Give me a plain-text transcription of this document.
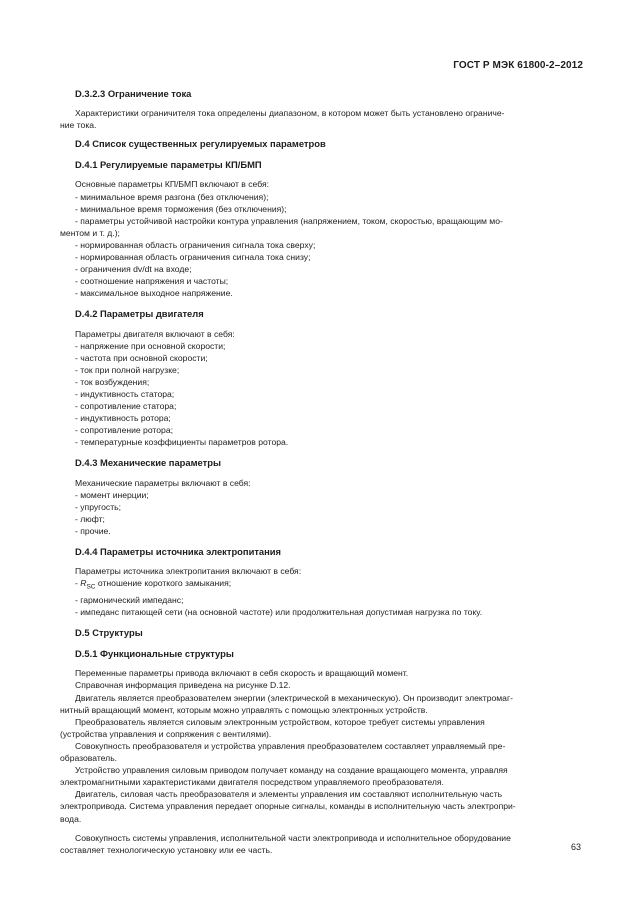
ГОСТ Р МЭК 61800-2–2012
D.3.2.3 Ограничение тока
Характеристики ограничителя тока определены диапазоном, в котором может быть установлено ограниче-
ние тока.
D.4 Список существенных регулируемых параметров
D.4.1 Регулируемые параметры КП/БМП
Основные параметры КП/БМП включают в себя:
- минимальное время разгона (без отключения);
- минимальное время торможения (без отключения);
- параметры устойчивой настройки контура управления (напряжением, током, скоростью, вращающим мо-
ментом и т. д.);
- нормированная область ограничения сигнала тока сверху;
- нормированная область ограничения сигнала тока снизу;
- ограничения dv/dt на входе;
- соотношение напряжения и частоты;
- максимальное выходное напряжение.
D.4.2 Параметры двигателя
Параметры двигателя включают в себя:
- напряжение при основной скорости;
- частота при основной скорости;
- ток при полной нагрузке;
- ток возбуждения;
- индуктивность статора;
- сопротивление статора;
- индуктивность ротора;
- сопротивление ротора;
- температурные коэффициенты параметров ротора.
D.4.3 Механические параметры
Механические параметры включают в себя:
- момент инерции;
- упругость;
- люфт;
- прочие.
D.4.4 Параметры источника электропитания
Параметры источника электропитания включают в себя:
- $R_{SC}$ отношение короткого замыкания;
- гармонический импеданс;
- импеданс питающей сети (на основной частоте) или продолжительная допустимая нагрузка по току.
D.5 Структуры
D.5.1 Функциональные структуры
Переменные параметры привода включают в себя скорость и вращающий момент.
Справочная информация приведена на рисунке D.12.
Двигатель является преобразователем энергии (электрической в механическую). Он производит электромаг-
нитный вращающий момент, которым можно управлять с помощью электронных устройств.
Преобразователь является силовым электронным устройством, которое требует системы управления
(устройства управления и сопряжения с вентилями).
Совокупность преобразователя и устройства управления преобразователем составляет управляемый пре-
образователь.
Устройство управления силовым приводом получает команду на создание вращающего момента, управляя
электромагнитными характеристиками двигателя посредством управляемого преобразователя.
Двигатель, силовая часть преобразователя и элементы управления им составляют исполнительную часть
электропривода. Система управления передает опорные сигналы, команды в исполнительную часть электропри-
вода.
Совокупность системы управления, исполнительной части электропривода и исполнительное оборудование
составляет технологическую установку или ее часть.	63
